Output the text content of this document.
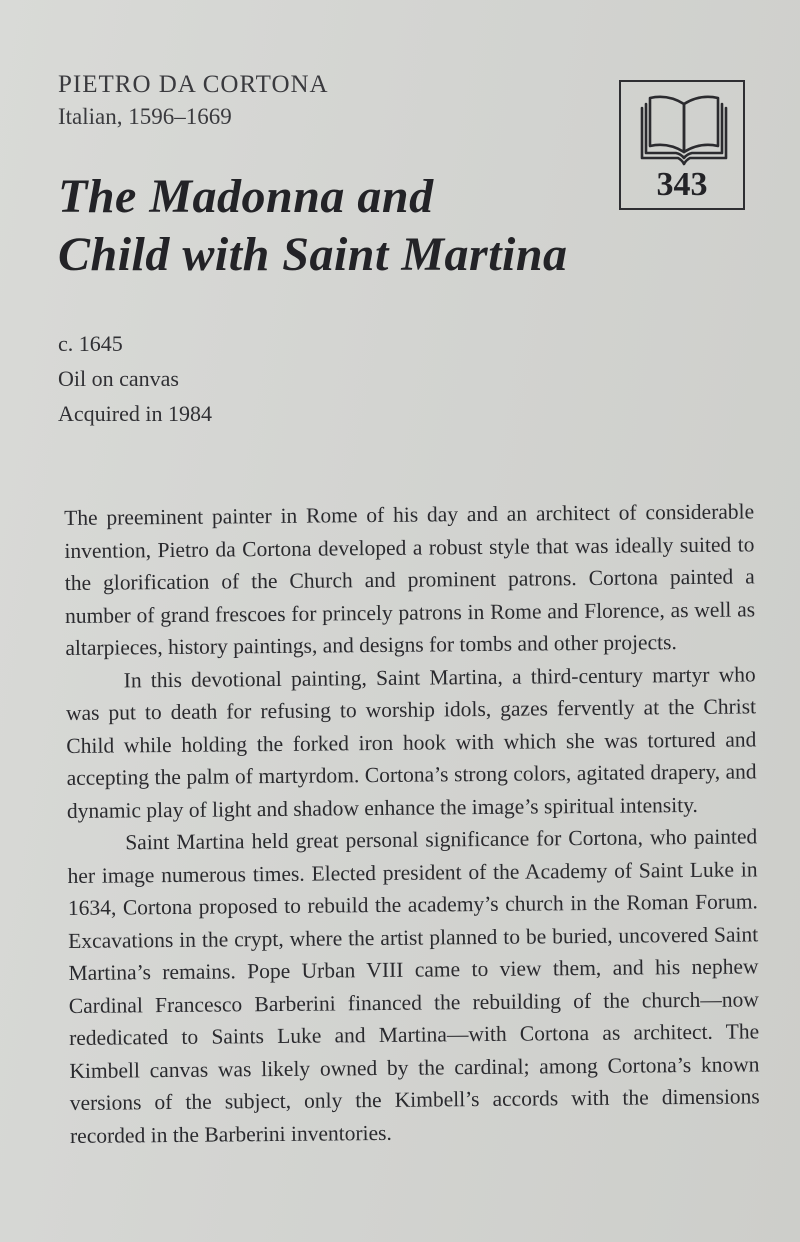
PIETRO DA CORTONA
Italian, 1596–1669
The Madonna and
Child with Saint Martina
343
c. 1645
Oil on canvas
Acquired in 1984

The preeminent painter in Rome of his day and an architect of considerable invention, Pietro da Cortona developed a robust style that was ideally suited to the glorification of the Church and prominent patrons. Cortona painted a number of grand frescoes for princely patrons in Rome and Florence, as well as altarpieces, history paintings, and designs for tombs and other projects.

In this devotional painting, Saint Martina, a third-century martyr who was put to death for refusing to worship idols, gazes fervently at the Christ Child while holding the forked iron hook with which she was tortured and accepting the palm of martyrdom. Cortona’s strong colors, agitated drapery, and dynamic play of light and shadow enhance the image’s spiritual intensity.

Saint Martina held great personal significance for Cortona, who painted her image numerous times. Elected president of the Academy of Saint Luke in 1634, Cortona proposed to rebuild the academy’s church in the Roman Forum. Excavations in the crypt, where the artist planned to be buried, uncovered Saint Martina’s remains. Pope Urban VIII came to view them, and his nephew Cardinal Francesco Barberini financed the rebuilding of the church—now rededicated to Saints Luke and Martina—with Cortona as architect. The Kimbell canvas was likely owned by the cardinal; among Cortona’s known versions of the subject, only the Kimbell’s accords with the dimensions recorded in the Barberini inventories.
